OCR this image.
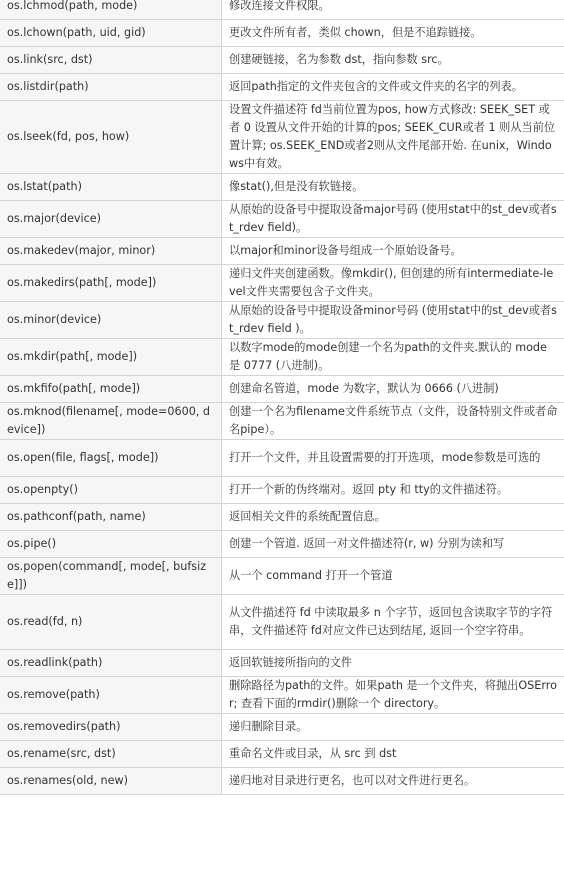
os.lchmod(path, mode)	修改连接文件权限。
os.lchown(path, uid, gid)	更改文件所有者，类似 chown，但是不追踪链接。
os.link(src, dst)	创建硬链接，名为参数 dst，指向参数 src。
os.listdir(path)	返回path指定的文件夹包含的文件或文件夹的名字的列表。
os.lseek(fd, pos, how)	设置文件描述符 fd当前位置为pos, how方式修改: SEEK_SET 或者 0 设置从文件开始的计算的pos; SEEK_CUR或者 1 则从当前位置计算; os.SEEK_END或者2则从文件尾部开始. 在unix，Windows中有效。
os.lstat(path)	像stat(),但是没有软链接。
os.major(device)	从原始的设备号中提取设备major号码 (使用stat中的st_dev或者st_rdev field)。
os.makedev(major, minor)	以major和minor设备号组成一个原始设备号。
os.makedirs(path[, mode])	递归文件夹创建函数。像mkdir(), 但创建的所有intermediate-level文件夹需要包含子文件夹。
os.minor(device)	从原始的设备号中提取设备minor号码 (使用stat中的st_dev或者st_rdev field )。
os.mkdir(path[, mode])	以数字mode的mode创建一个名为path的文件夹.默认的 mode 是 0777 (八进制)。
os.mkfifo(path[, mode])	创建命名管道，mode 为数字，默认为 0666 (八进制)
os.mknod(filename[, mode=0600, device])	创建一个名为filename文件系统节点（文件，设备特别文件或者命名pipe）。
os.open(file, flags[, mode])	打开一个文件，并且设置需要的打开选项，mode参数是可选的
os.openpty()	打开一个新的伪终端对。返回 pty 和 tty的文件描述符。
os.pathconf(path, name)	返回相关文件的系统配置信息。
os.pipe()	创建一个管道. 返回一对文件描述符(r, w) 分别为读和写
os.popen(command[, mode[, bufsize]])	从一个 command 打开一个管道
os.read(fd, n)	从文件描述符 fd 中读取最多 n 个字节，返回包含读取字节的字符串，文件描述符 fd对应文件已达到结尾, 返回一个空字符串。
os.readlink(path)	返回软链接所指向的文件
os.remove(path)	删除路径为path的文件。如果path 是一个文件夹，将抛出OSError; 查看下面的rmdir()删除一个 directory。
os.removedirs(path)	递归删除目录。
os.rename(src, dst)	重命名文件或目录，从 src 到 dst
os.renames(old, new)	递归地对目录进行更名，也可以对文件进行更名。
